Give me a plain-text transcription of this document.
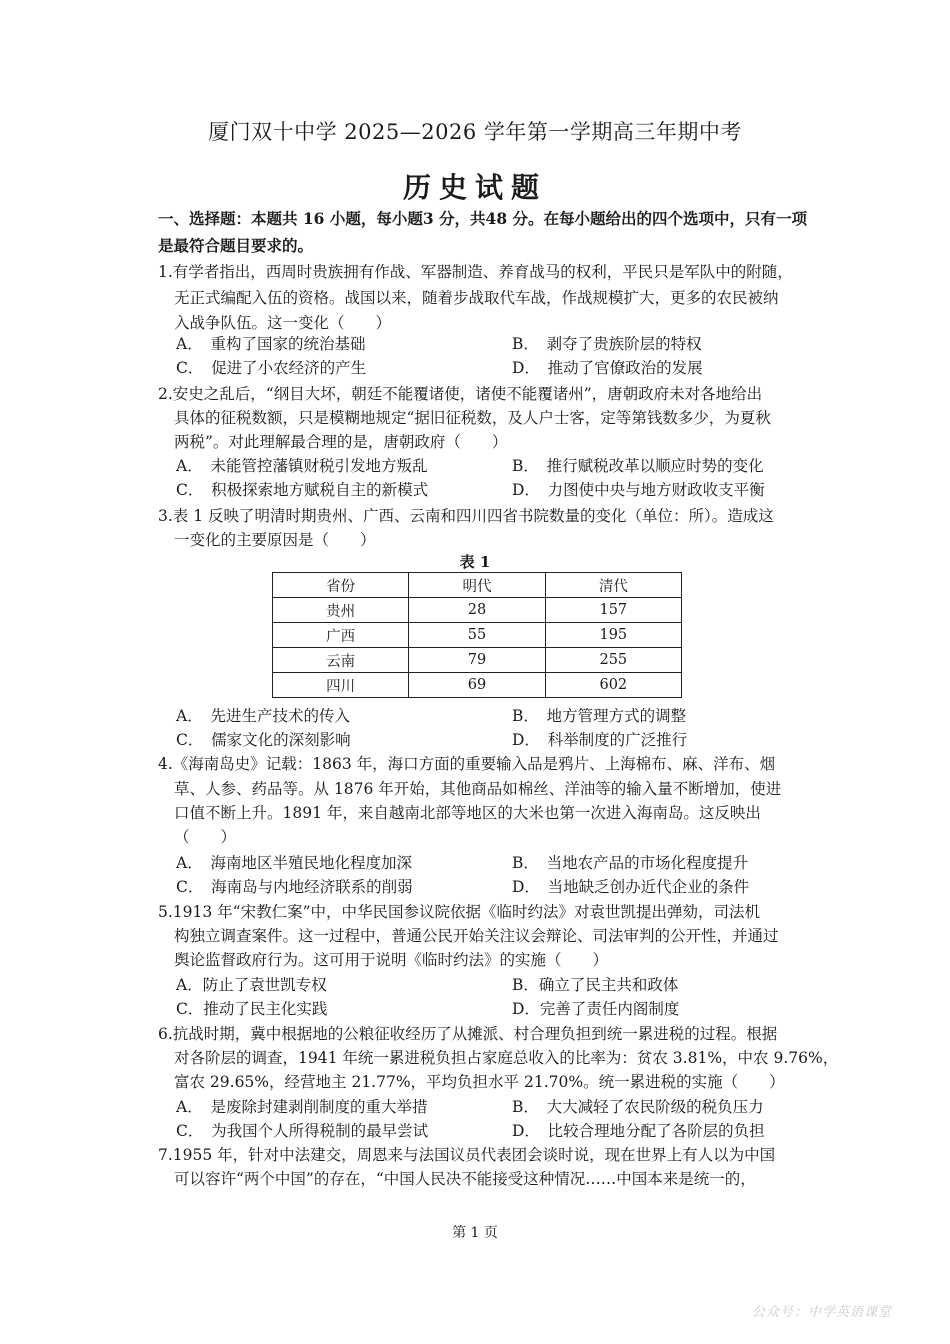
厦门双十中学 2025—2026 学年第一学期高三年期中考
历史试题
一、选择题：本题共 16 小题，每小题3 分，共48 分。在每小题给出的四个选项中，只有一项
是最符合题目要求的。
1.有学者指出，西周时贵族拥有作战、军器制造、养育战马的权利，平民只是军队中的附随，
无正式编配入伍的资格。战国以来，随着步战取代车战，作战规模扩大，更多的农民被纳
入战争队伍。这一变化（　　）
A．　重构了国家的统治基础	B．　剥夺了贵族阶层的特权
C．　促进了小农经济的产生	D．　推动了官僚政治的发展
2.安史之乱后，“纲目大坏，朝廷不能覆诸使，诸使不能覆诸州”，唐朝政府未对各地给出
具体的征税数额，只是模糊地规定“据旧征税数，及人户士客，定等第钱数多少，为夏秋
两税”。对此理解最合理的是，唐朝政府（　　）
A．　未能管控藩镇财税引发地方叛乱	B．　推行赋税改革以顺应时势的变化
C．　积极探索地方赋税自主的新模式	D．　力图使中央与地方财政收支平衡
3.表 1 反映了明清时期贵州、广西、云南和四川四省书院数量的变化（单位：所）。造成这
一变化的主要原因是（　　）
表 1
省份	明代	清代
贵州	28	157
广西	55	195
云南	79	255
四川	69	602
A．　先进生产技术的传入	B．　地方管理方式的调整
C．　儒家文化的深刻影响	D．　科举制度的广泛推行
4.《海南岛史》记载：1863 年，海口方面的重要输入品是鸦片、上海棉布、麻、洋布、烟
草、人参、药品等。从 1876 年开始，其他商品如棉丝、洋油等的输入量不断增加，使进
口值不断上升。1891 年，来自越南北部等地区的大米也第一次进入海南岛。这反映出
（　　）
A．　海南地区半殖民地化程度加深	B．　当地农产品的市场化程度提升
C．　海南岛与内地经济联系的削弱	D．　当地缺乏创办近代企业的条件
5.1913 年“宋教仁案”中，中华民国参议院依据《临时约法》对袁世凯提出弹劾，司法机
构独立调查案件。这一过程中，普通公民开始关注议会辩论、司法审判的公开性，并通过
舆论监督政府行为。这可用于说明《临时约法》的实施（　　）
A．防止了袁世凯专权	B．确立了民主共和政体
C．推动了民主化实践	D．完善了责任内阁制度
6.抗战时期，冀中根据地的公粮征收经历了从摊派、村合理负担到统一累进税的过程。根据
对各阶层的调查，1941 年统一累进税负担占家庭总收入的比率为：贫农 3.81%，中农 9.76%，
富农 29.65%，经营地主 21.77%，平均负担水平 21.70%。统一累进税的实施（　　）
A．　是废除封建剥削制度的重大举措	B．　大大减轻了农民阶级的税负压力
C．　为我国个人所得税制的最早尝试	D．　比较合理地分配了各阶层的负担
7.1955 年，针对中法建交，周恩来与法国议员代表团会谈时说，现在世界上有人以为中国
可以容许“两个中国”的存在，“中国人民决不能接受这种情况……中国本来是统一的，
第 1 页
公众号：中学英语课堂
